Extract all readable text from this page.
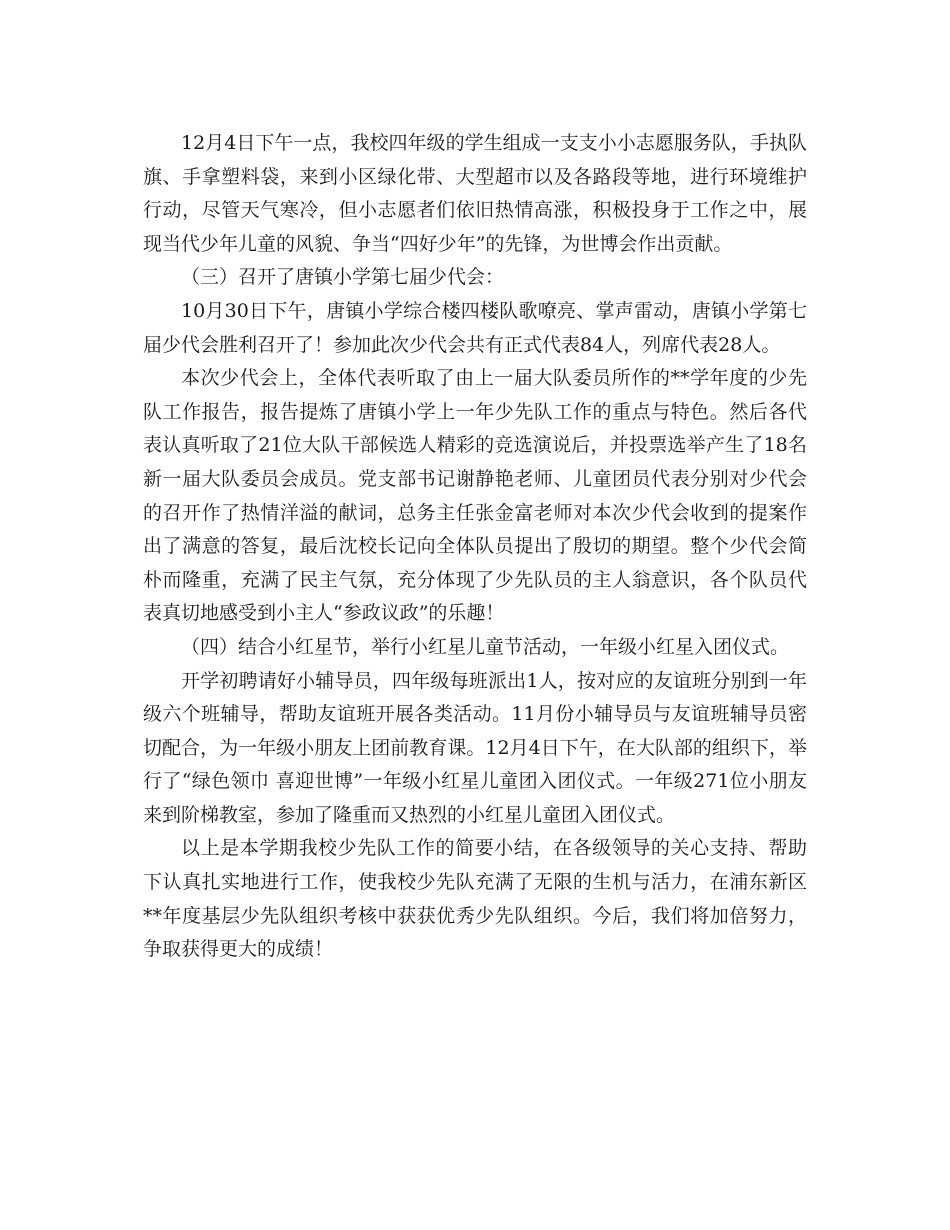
12月4日下午一点，我校四年级的学生组成一支支小小志愿服务队，手执队旗、手拿塑料袋，来到小区绿化带、大型超市以及各路段等地，进行环境维护行动，尽管天气寒冷，但小志愿者们依旧热情高涨，积极投身于工作之中，展现当代少年儿童的风貌、争当“四好少年”的先锋，为世博会作出贡献。

（三）召开了唐镇小学第七届少代会：

10月30日下午，唐镇小学综合楼四楼队歌嘹亮、掌声雷动，唐镇小学第七届少代会胜利召开了！参加此次少代会共有正式代表84人，列席代表28人。

本次少代会上，全体代表听取了由上一届大队委员所作的**学年度的少先队工作报告，报告提炼了唐镇小学上一年少先队工作的重点与特色。然后各代表认真听取了21位大队干部候选人精彩的竞选演说后，并投票选举产生了18名新一届大队委员会成员。党支部书记谢静艳老师、儿童团员代表分别对少代会的召开作了热情洋溢的献词，总务主任张金富老师对本次少代会收到的提案作出了满意的答复，最后沈校长记向全体队员提出了殷切的期望。整个少代会简朴而隆重，充满了民主气氛，充分体现了少先队员的主人翁意识，各个队员代表真切地感受到小主人“参政议政”的乐趣！

（四）结合小红星节，举行小红星儿童节活动，一年级小红星入团仪式。

开学初聘请好小辅导员，四年级每班派出1人，按对应的友谊班分别到一年级六个班辅导，帮助友谊班开展各类活动。11月份小辅导员与友谊班辅导员密切配合，为一年级小朋友上团前教育课。12月4日下午，在大队部的组织下，举行了“绿色领巾 喜迎世博”一年级小红星儿童团入团仪式。一年级271位小朋友来到阶梯教室，参加了隆重而又热烈的小红星儿童团入团仪式。

以上是本学期我校少先队工作的简要小结，在各级领导的关心支持、帮助下认真扎实地进行工作，使我校少先队充满了无限的生机与活力，在浦东新区**年度基层少先队组织考核中获获优秀少先队组织。今后，我们将加倍努力，争取获得更大的成绩！
